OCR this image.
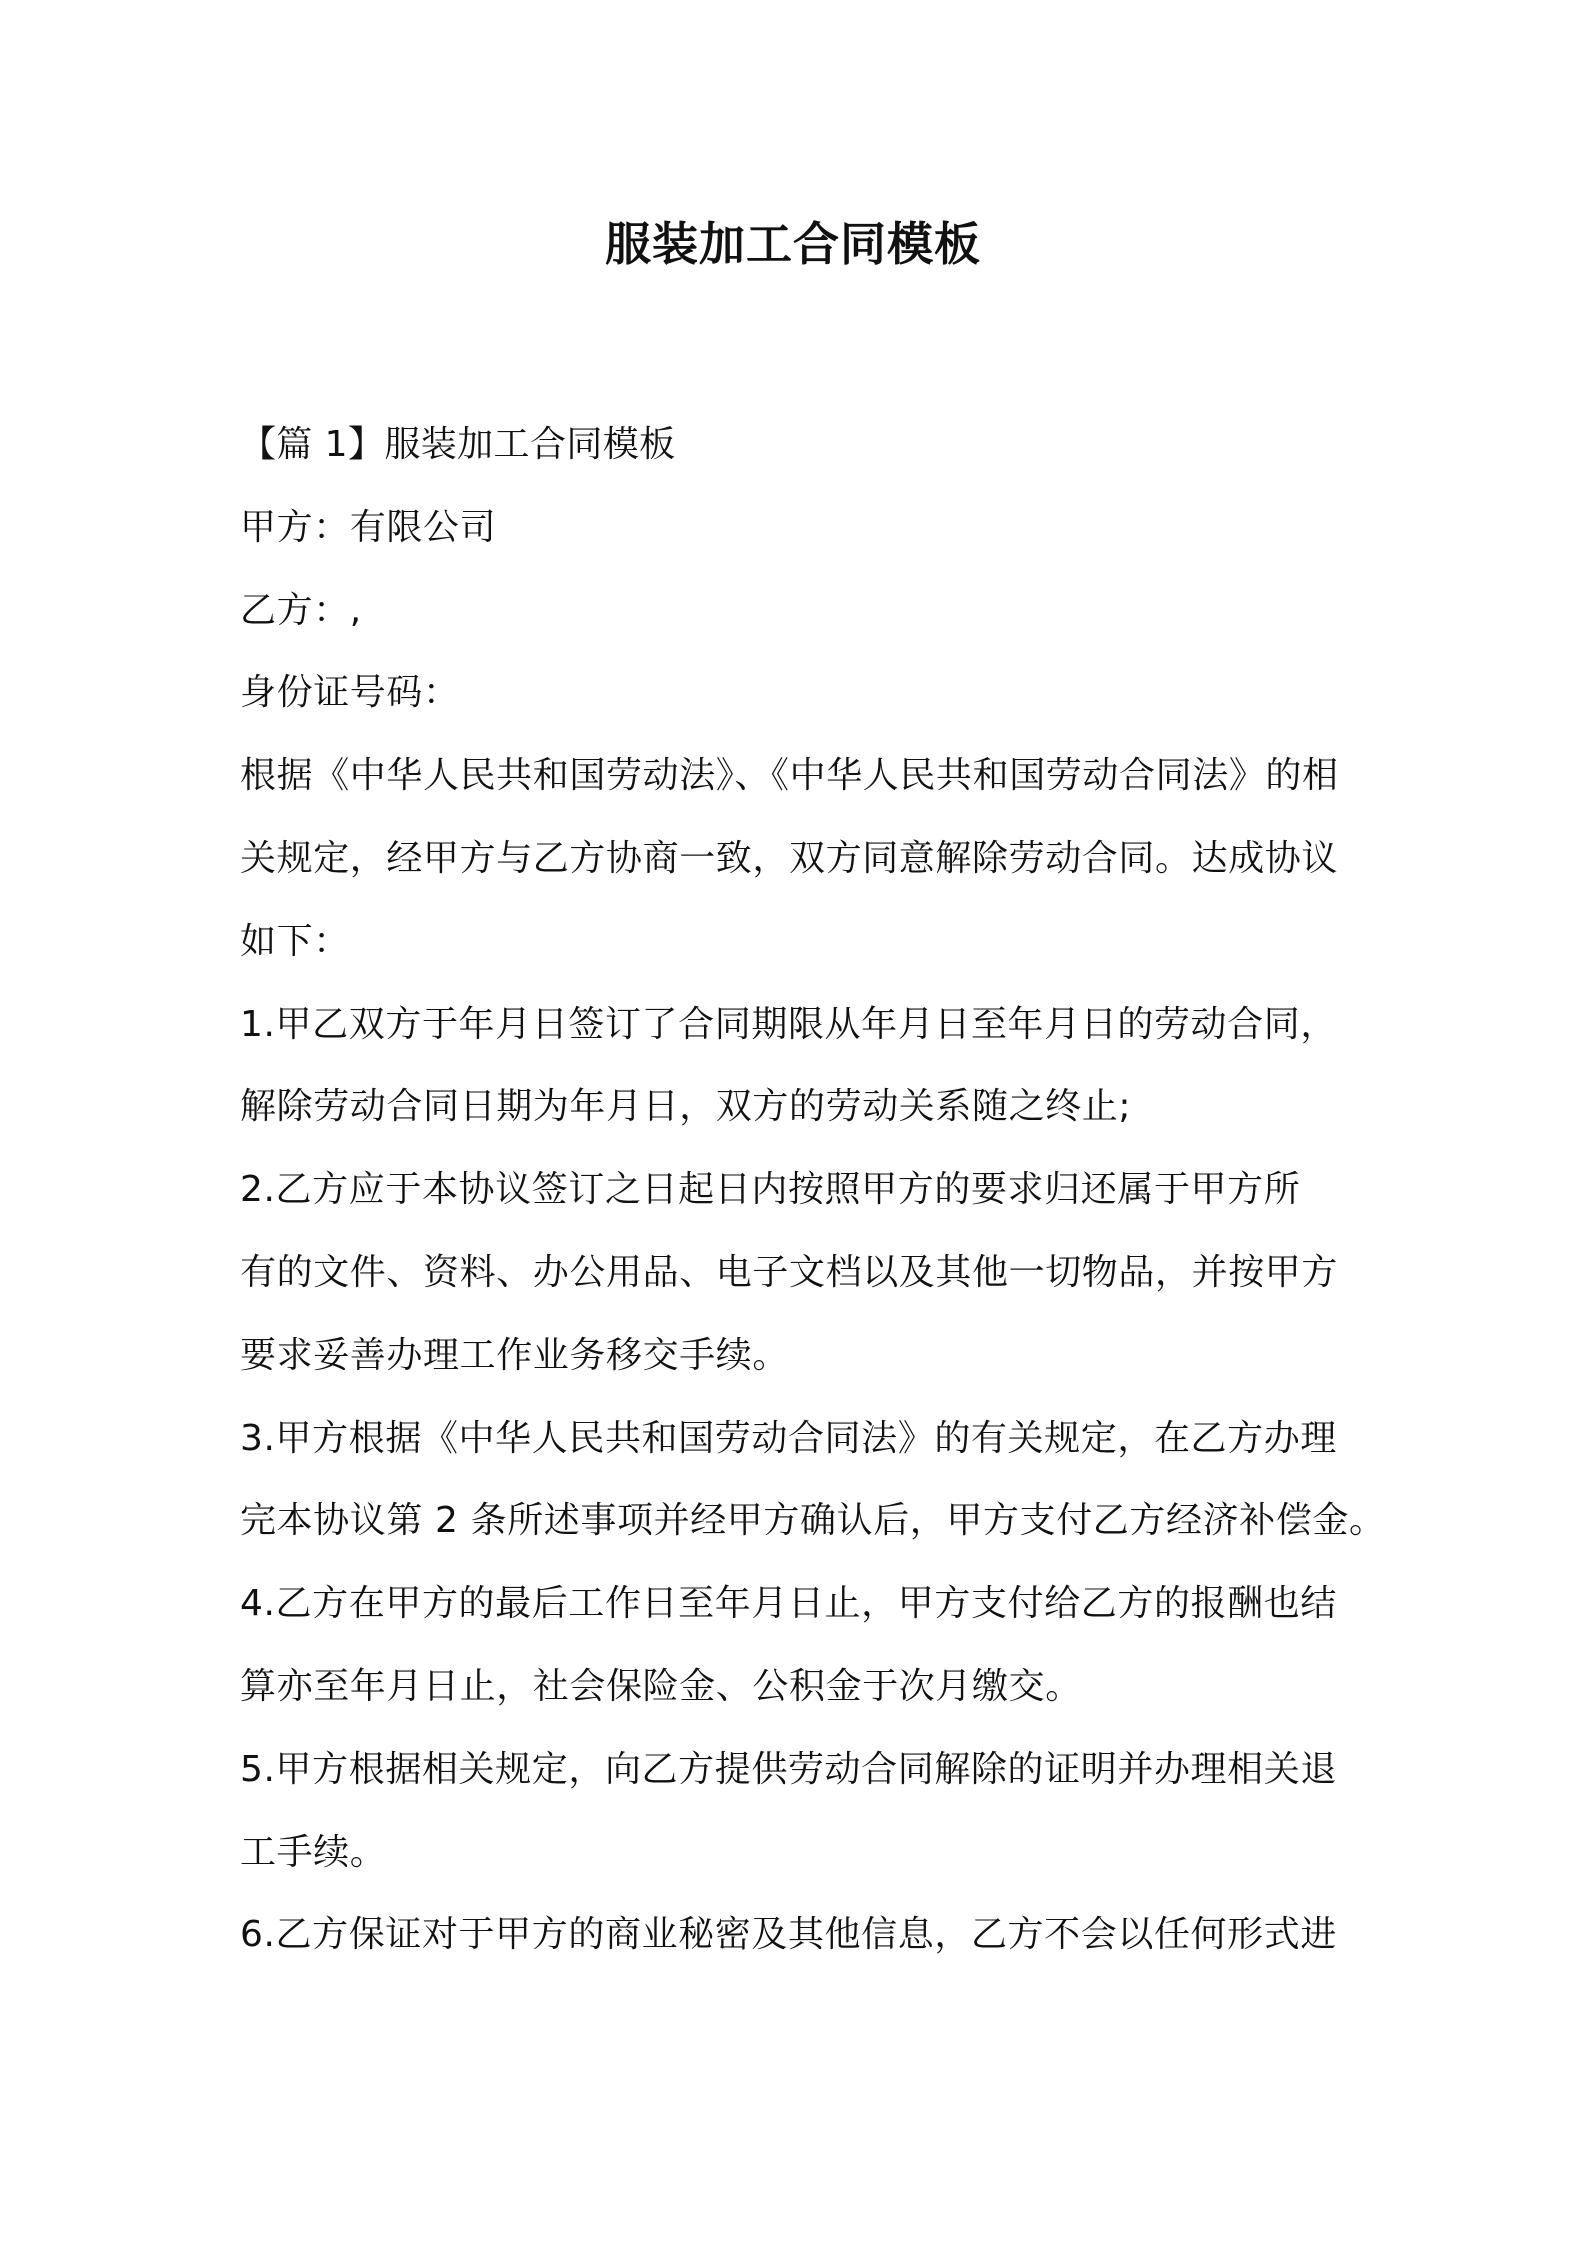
服装加工合同模板
【篇 1】服装加工合同模板
甲方：有限公司
乙方：,
身份证号码：
根据《中华人民共和国劳动法》、《中华人民共和国劳动合同法》的相
关规定，经甲方与乙方协商一致，双方同意解除劳动合同。达成协议
如下：
1.甲乙双方于年月日签订了合同期限从年月日至年月日的劳动合同，
解除劳动合同日期为年月日，双方的劳动关系随之终止;
2.乙方应于本协议签订之日起日内按照甲方的要求归还属于甲方所
有的文件、资料、办公用品、电子文档以及其他一切物品，并按甲方
要求妥善办理工作业务移交手续。
3.甲方根据《中华人民共和国劳动合同法》的有关规定，在乙方办理
完本协议第 2 条所述事项并经甲方确认后，甲方支付乙方经济补偿金。
4.乙方在甲方的最后工作日至年月日止，甲方支付给乙方的报酬也结
算亦至年月日止，社会保险金、公积金于次月缴交。
5.甲方根据相关规定，向乙方提供劳动合同解除的证明并办理相关退
工手续。
6.乙方保证对于甲方的商业秘密及其他信息，乙方不会以任何形式进
